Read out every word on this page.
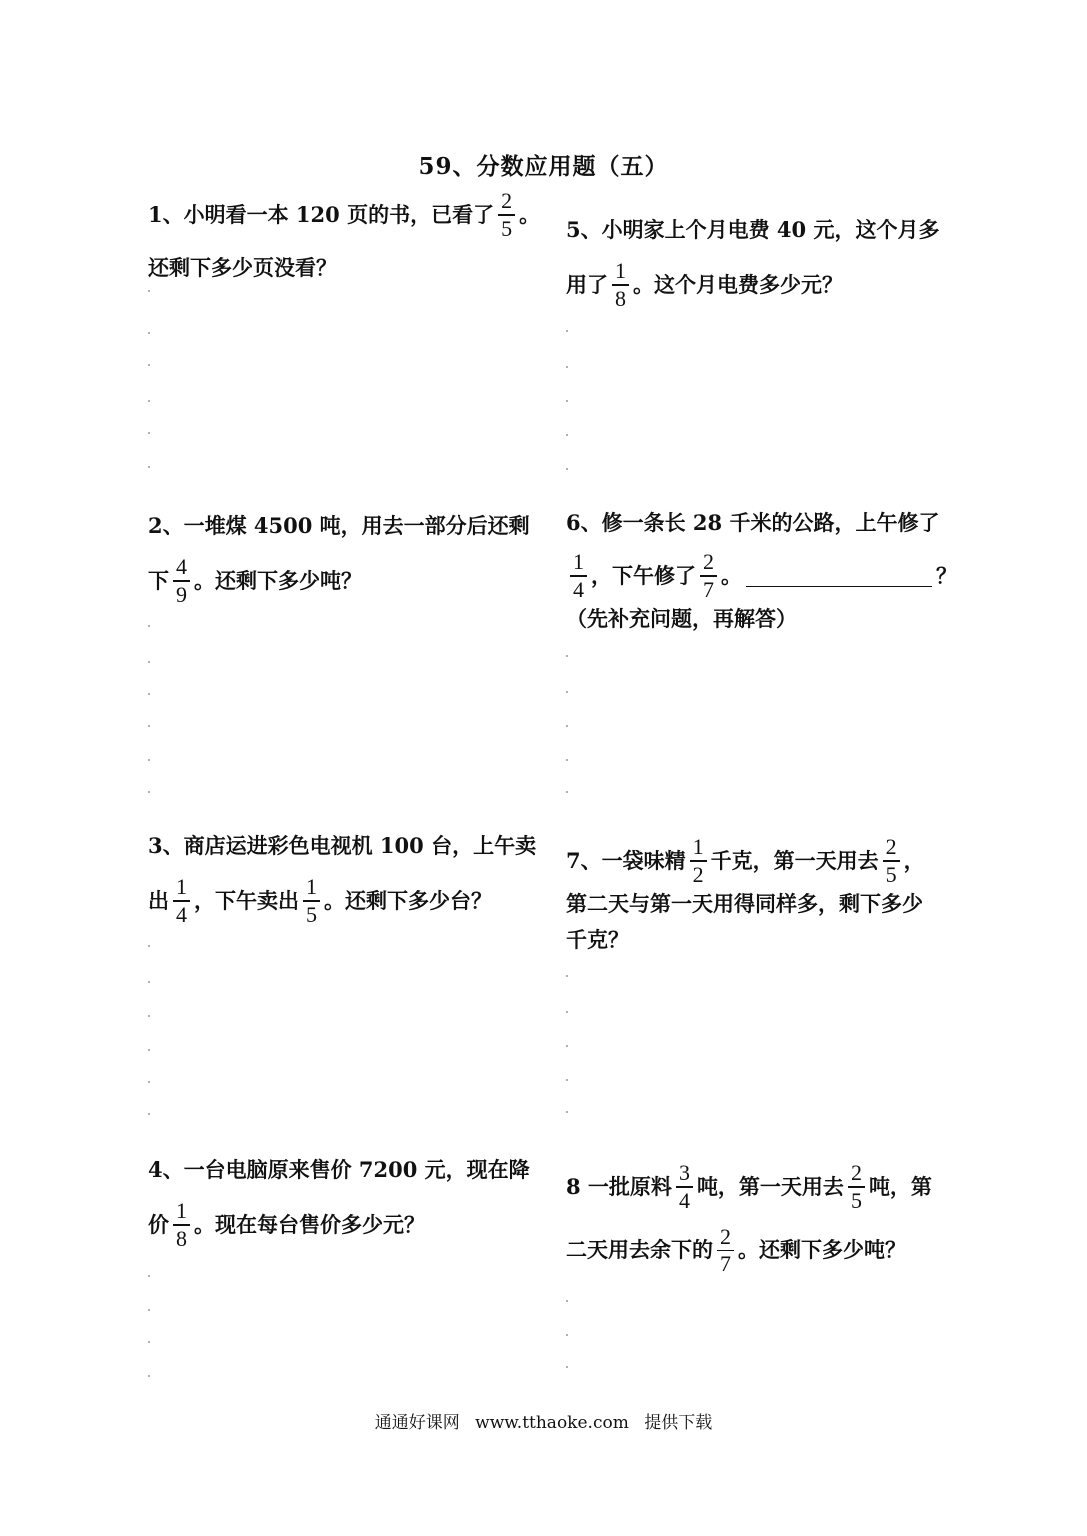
59、分数应用题（五）
1、小明看一本 120 页的书，已看了 $\frac{2}{5}$ 。
还剩下多少页没看？
2、一堆煤 4500 吨，用去一部分后还剩
下 $\frac{4}{9}$ 。还剩下多少吨？
3、商店运进彩色电视机 100 台，上午卖
出 $\frac{1}{4}$ ，下午卖出 $\frac{1}{5}$ 。还剩下多少台？
4、一台电脑原来售价 7200 元，现在降
价 $\frac{1}{8}$ 。现在每台售价多少元？
5、小明家上个月电费 40 元，这个月多
用了 $\frac{1}{8}$ 。这个月电费多少元？
6、修一条长 28 千米的公路，上午修了
$\frac{1}{4}$ ，下午修了 $\frac{2}{7}$ 。	？
（先补充问题，再解答）
7、一袋味精 $\frac{1}{2}$ 千克，第一天用去 $\frac{2}{5}$ ，
第二天与第一天用得同样多，剩下多少
千克？
8 一批原料 $\frac{3}{4}$ 吨，第一天用去 $\frac{2}{5}$ 吨，第
二天用去余下的 $\frac{2}{7}$ 。还剩下多少吨？
通通好课网 www.tthaoke.com 提供下载
